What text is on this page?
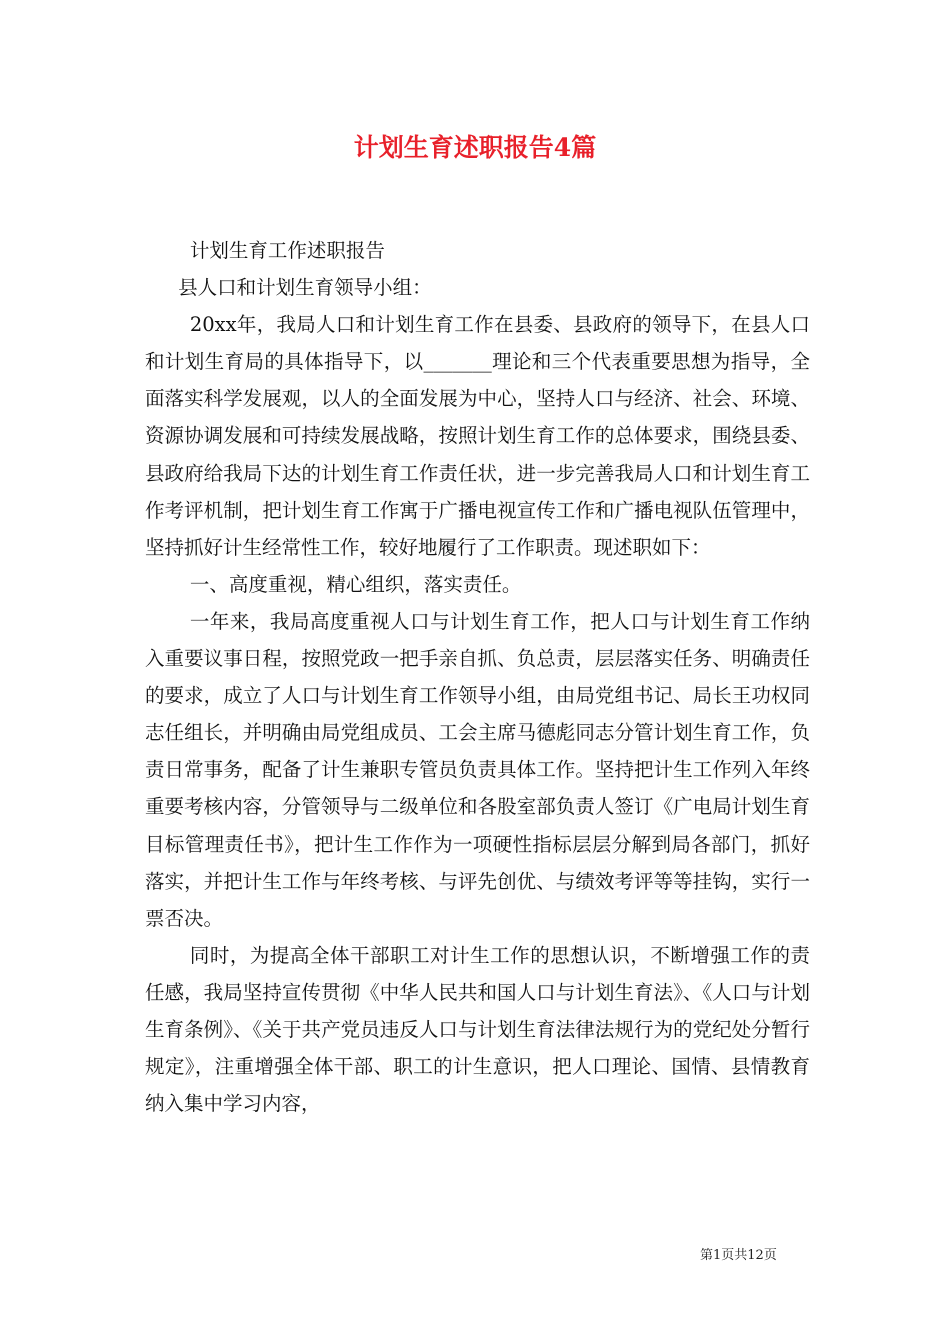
计划生育述职报告4篇

计划生育工作述职报告

县人口和计划生育领导小组：

20xx年，我局人口和计划生育工作在县委、县政府的领导下，在县人口和计划生育局的具体指导下，以_______理论和三个代表重要思想为指导，全面落实科学发展观，以人的全面发展为中心，坚持人口与经济、社会、环境、资源协调发展和可持续发展战略，按照计划生育工作的总体要求，围绕县委、县政府给我局下达的计划生育工作责任状，进一步完善我局人口和计划生育工作考评机制，把计划生育工作寓于广播电视宣传工作和广播电视队伍管理中，坚持抓好计生经常性工作，较好地履行了工作职责。现述职如下：

一、高度重视，精心组织，落实责任。

一年来，我局高度重视人口与计划生育工作，把人口与计划生育工作纳入重要议事日程，按照党政一把手亲自抓、负总责，层层落实任务、明确责任的要求，成立了人口与计划生育工作领导小组，由局党组书记、局长王功权同志任组长，并明确由局党组成员、工会主席马德彪同志分管计划生育工作，负责日常事务，配备了计生兼职专管员负责具体工作。坚持把计生工作列入年终重要考核内容，分管领导与二级单位和各股室部负责人签订《广电局计划生育目标管理责任书》，把计生工作作为一项硬性指标层层分解到局各部门，抓好落实，并把计生工作与年终考核、与评先创优、与绩效考评等等挂钩，实行一票否决。

同时，为提高全体干部职工对计生工作的思想认识，不断增强工作的责任感，我局坚持宣传贯彻《中华人民共和国人口与计划生育法》、《人口与计划生育条例》、《关于共产党员违反人口与计划生育法律法规行为的党纪处分暂行规定》，注重增强全体干部、职工的计生意识，把人口理论、国情、县情教育纳入集中学习内容，

第1页共12页
